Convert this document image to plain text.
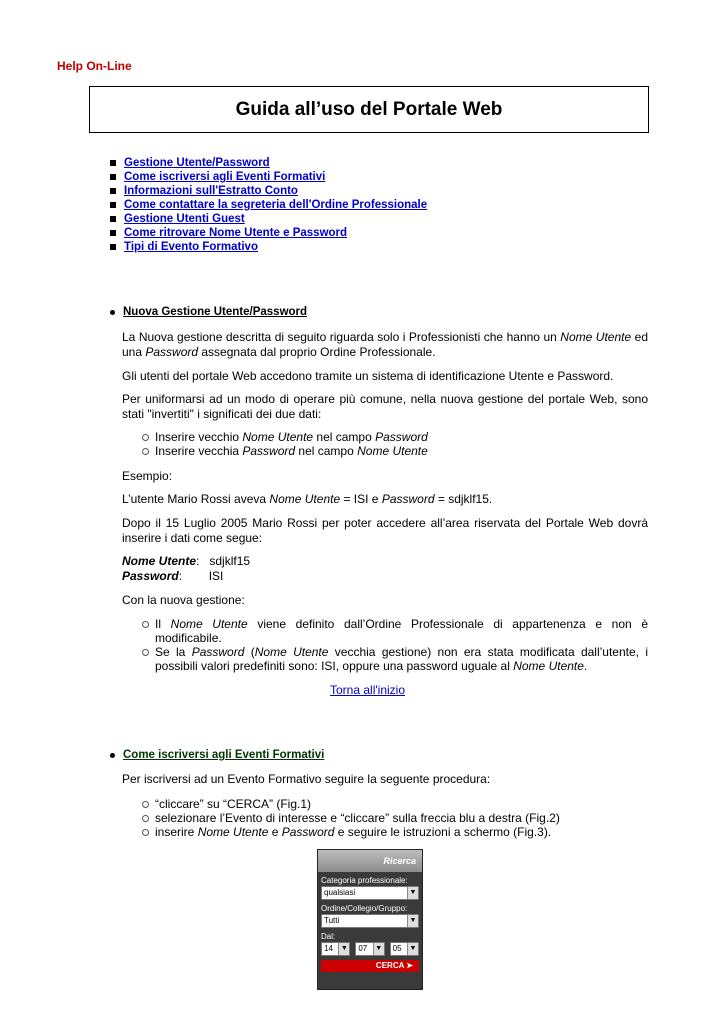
Help On-Line
Guida all’uso del Portale Web
Gestione Utente/Password
Come iscriversi agli Eventi Formativi
Informazioni sull'Estratto Conto
Come contattare la segreteria dell'Ordine Professionale
Gestione Utenti Guest
Come ritrovare Nome Utente e Password
Tipi di Evento Formativo
Nuova Gestione Utente/Password
La Nuova gestione descritta di seguito riguarda solo i Professionisti che hanno un Nome Utente ed una Password assegnata dal proprio Ordine Professionale.
Gli utenti del portale Web accedono tramite un sistema di identificazione Utente e Password.
Per uniformarsi ad un modo di operare più comune, nella nuova gestione del portale Web, sono stati "invertiti" i significati dei due dati:
Inserire vecchio Nome Utente nel campo Password
Inserire vecchia Password nel campo Nome Utente
Esempio:
L’utente Mario Rossi aveva Nome Utente = ISI e Password = sdjklf15.
Dopo il 15 Luglio 2005 Mario Rossi per poter accedere all’area riservata del Portale Web dovrà inserire i dati come segue:
Nome Utente:   sdjklf15
Password:        ISI
Con la nuova gestione:
Il Nome Utente viene definito dall’Ordine Professionale di appartenenza e non è modificabile.
Se la Password (Nome Utente vecchia gestione) non era stata modificata dall’utente, i possibili valori predefiniti sono: ISI, oppure una password uguale al Nome Utente.
Torna all'inizio
Come iscriversi agli Eventi Formativi
Per iscriversi ad un Evento Formativo seguire la seguente procedura:
“cliccare” su “CERCA” (Fig.1)
selezionare l’Evento di interesse e “cliccare” sulla freccia blu a destra (Fig.2)
inserire Nome Utente e Password e seguire le istruzioni a schermo (Fig.3).
Ricerca
Categoria professionale:
qualsiasi	▼
Ordine/Collegio/Gruppo:
Tutti	▼
Dal:
14	▼	07	▼	05	▼
CERCA ➤
